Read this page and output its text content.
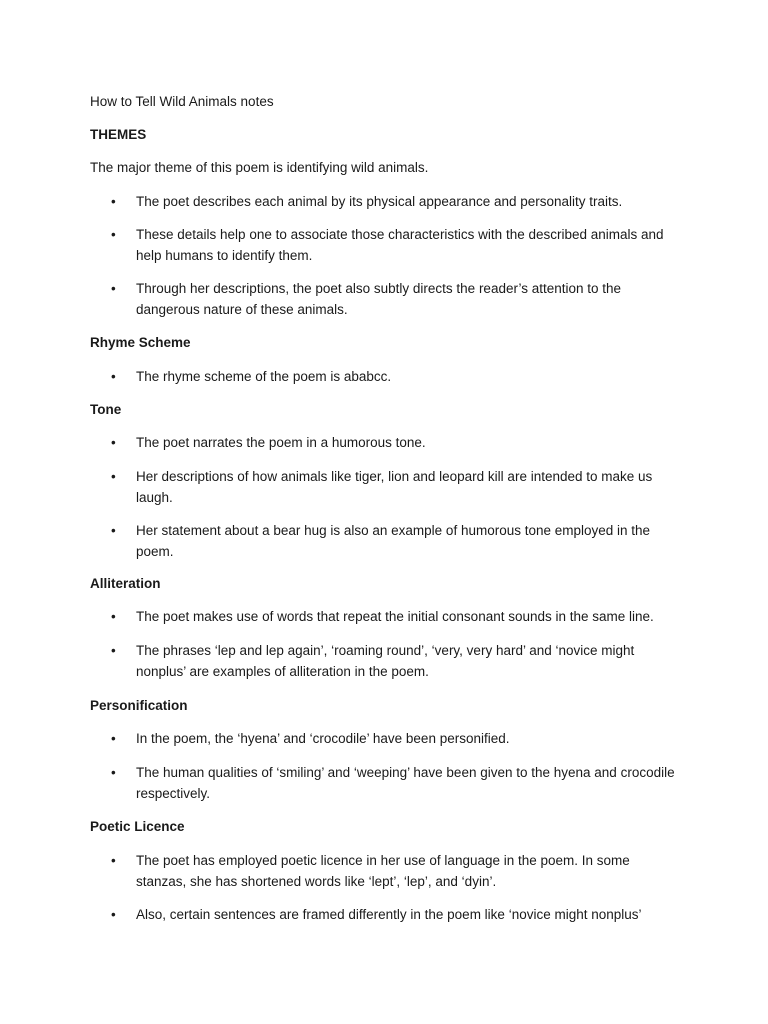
How to Tell Wild Animals notes
THEMES
The major theme of this poem is identifying wild animals.
•	The poet describes each animal by its physical appearance and personality traits.
•	These details help one to associate those characteristics with the described animals and help humans to identify them.
•	Through her descriptions, the poet also subtly directs the reader’s attention to the dangerous nature of these animals.
Rhyme Scheme
•	The rhyme scheme of the poem is ababcc.
Tone
•	The poet narrates the poem in a humorous tone.
•	Her descriptions of how animals like tiger, lion and leopard kill are intended to make us laugh.
•	Her statement about a bear hug is also an example of humorous tone employed in the poem.
Alliteration
•	The poet makes use of words that repeat the initial consonant sounds in the same line.
•	The phrases ‘lep and lep again’, ‘roaming round’, ‘very, very hard’ and ‘novice might nonplus’ are examples of alliteration in the poem.
Personification
•	In the poem, the ‘hyena’ and ‘crocodile’ have been personified.
•	The human qualities of ‘smiling’ and ‘weeping’ have been given to the hyena and crocodile respectively.
Poetic Licence
•	The poet has employed poetic licence in her use of language in the poem. In some stanzas, she has shortened words like ‘lept’, ‘lep’, and ‘dyin’.
•	Also, certain sentences are framed differently in the poem like ‘novice might nonplus’
